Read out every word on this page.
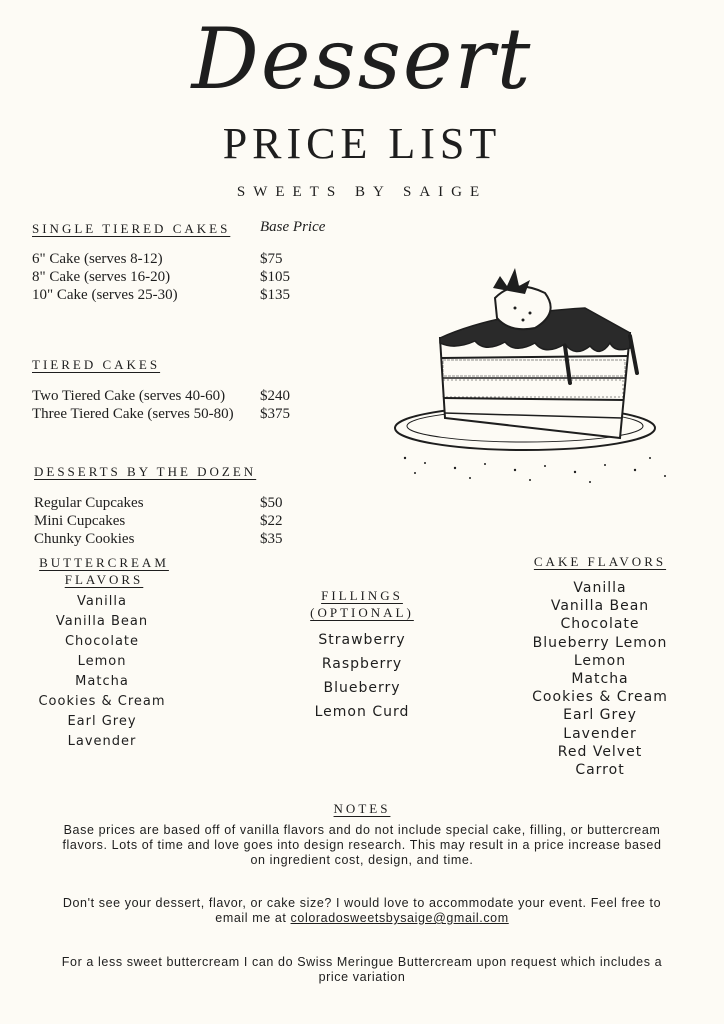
Dessert
PRICE LIST
SWEETS BY SAIGE
SINGLE TIERED CAKES Base Price
6" Cake (serves 8-12)	$75
8" Cake (serves 16-20)	$105
10" Cake (serves 25-30)	$135
TIERED CAKES
Two Tiered Cake (serves 40-60) $240
Three Tiered Cake (serves 50-80) $375
DESSERTS BY THE DOZEN
Regular Cupcakes	$50
Mini Cupcakes	$22
Chunky Cookies	$35
BUTTERCREAM
FLAVORS
Vanilla
Vanilla Bean
Chocolate
Lemon
Matcha
Cookies & Cream
Earl Grey
Lavender
FILLINGS
(OPTIONAL)
Strawberry
Raspberry
Blueberry
Lemon Curd
CAKE FLAVORS
Vanilla
Vanilla Bean
Chocolate
Blueberry Lemon
Lemon
Matcha
Cookies & Cream
Earl Grey
Lavender
Red Velvet
Carrot
NOTES
Base prices are based off of vanilla flavors and do not include special cake, filling, or buttercream flavors. Lots of time and love goes into design research. This may result in a price increase based on ingredient cost, design, and time.
Don't see your dessert, flavor, or cake size? I would love to accommodate your event. Feel free to email me at coloradosweetsbysaige@gmail.com
For a less sweet buttercream I can do Swiss Meringue Buttercream upon request which includes a price variation
